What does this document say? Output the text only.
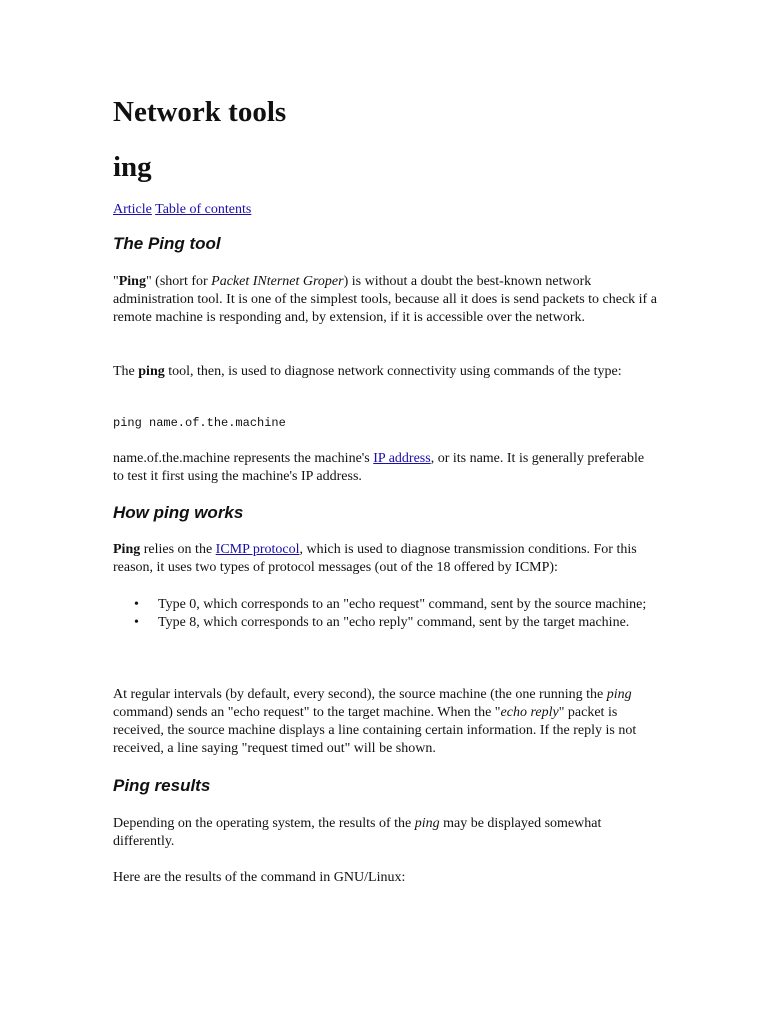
Network tools
ing
Article Table of contents
The Ping tool

"Ping" (short for Packet INternet Groper) is without a doubt the best-known network administration tool. It is one of the simplest tools, because all it does is send packets to check if a remote machine is responding and, by extension, if it is accessible over the network.

The ping tool, then, is used to diagnose network connectivity using commands of the type:

ping name.of.the.machine

name.of.the.machine represents the machine's IP address, or its name. It is generally preferable to test it first using the machine's IP address.

How ping works

Ping relies on the ICMP protocol, which is used to diagnose transmission conditions. For this reason, it uses two types of protocol messages (out of the 18 offered by ICMP):

• Type 0, which corresponds to an "echo request" command, sent by the source machine;
• Type 8, which corresponds to an "echo reply" command, sent by the target machine.

At regular intervals (by default, every second), the source machine (the one running the ping command) sends an "echo request" to the target machine. When the "echo reply" packet is received, the source machine displays a line containing certain information. If the reply is not received, a line saying "request timed out" will be shown.

Ping results

Depending on the operating system, the results of the ping may be displayed somewhat differently.

Here are the results of the command in GNU/Linux:
